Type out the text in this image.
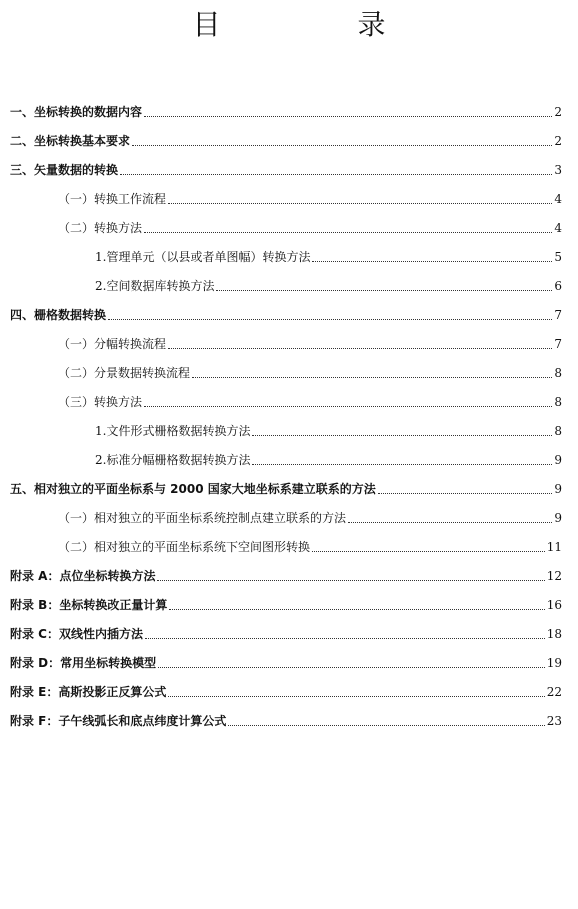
目 录
一、坐标转换的数据内容	2
二、坐标转换基本要求	2
三、矢量数据的转换	3
（一）转换工作流程	4
（二）转换方法	4
1.管理单元（以县或者单图幅）转换方法	5
2.空间数据库转换方法	6
四、栅格数据转换	7
（一）分幅转换流程	7
（二）分景数据转换流程	8
（三）转换方法	8
1.文件形式栅格数据转换方法	8
2.标准分幅栅格数据转换方法	9
五、相对独立的平面坐标系与 2000 国家大地坐标系建立联系的方法	9
（一）相对独立的平面坐标系统控制点建立联系的方法	9
（二）相对独立的平面坐标系统下空间图形转换	11
附录 A：点位坐标转换方法	12
附录 B：坐标转换改正量计算	16
附录 C：双线性内插方法	18
附录 D：常用坐标转换模型	19
附录 E：高斯投影正反算公式	22
附录 F：子午线弧长和底点纬度计算公式	23
